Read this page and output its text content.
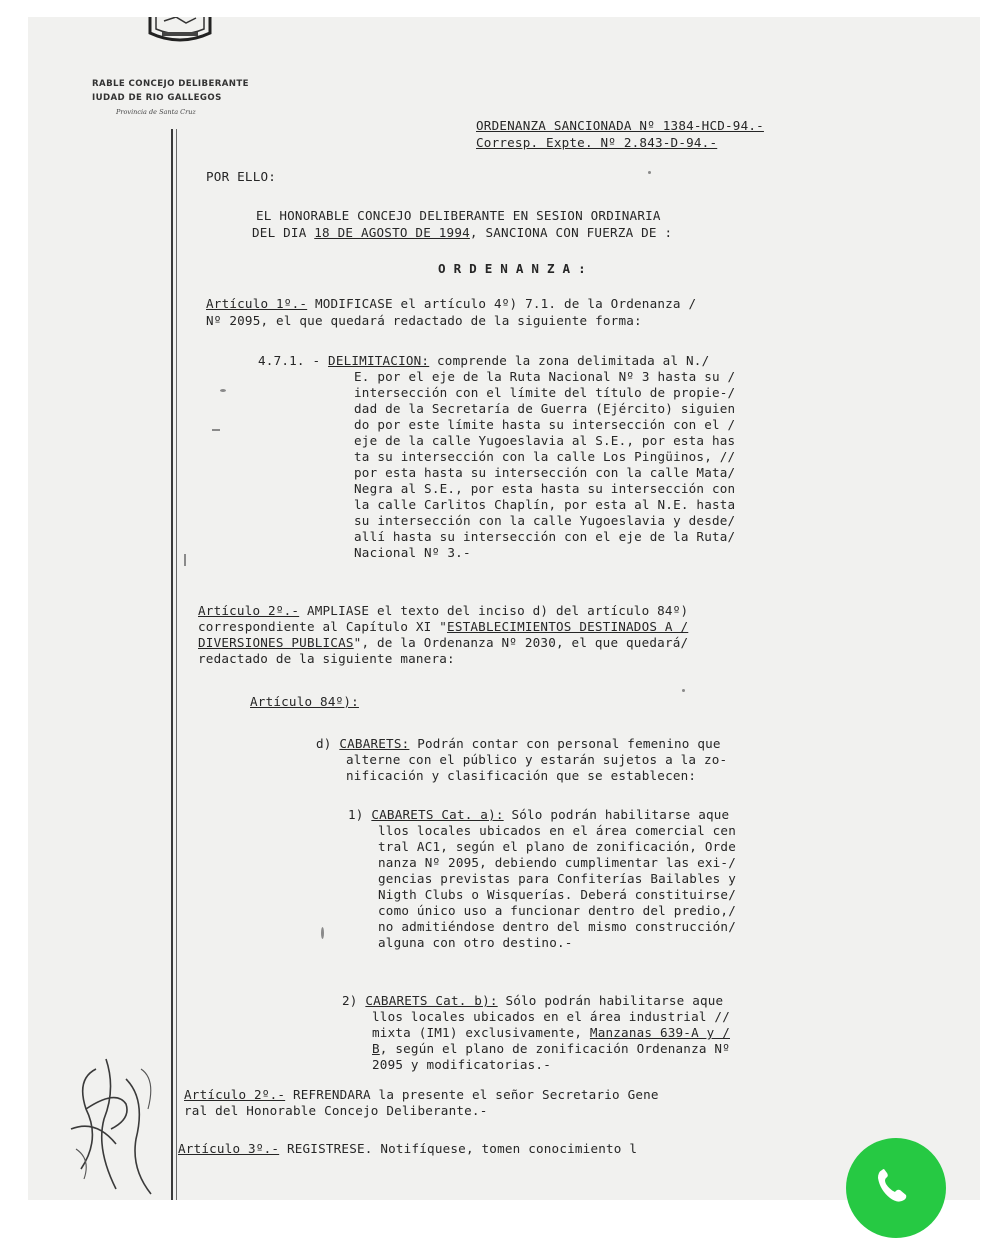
RABLE CONCEJO DELIBERANTE
IUDAD DE RIO GALLEGOS
Provincia de Santa Cruz
ORDENANZA SANCIONADA Nº 1384-HCD-94.-
Corresp. Expte. Nº 2.843-D-94.-
POR ELLO:
EL HONORABLE CONCEJO DELIBERANTE EN SESION ORDINARIA
DEL DIA 18 DE AGOSTO DE 1994, SANCIONA CON FUERZA DE :
O R D E N A N Z A :
Artículo 1º.- MODIFICASE el artículo 4º) 7.1. de la Ordenanza /
Nº 2095, el que quedará redactado de la siguiente forma:
4.7.1. - DELIMITACION: comprende la zona delimitada al N./
E. por el eje de la Ruta Nacional Nº 3 hasta su /
intersección con el límite del título de propie-/
dad de la Secretaría de Guerra (Ejército) siguien
do por este límite hasta su intersección con el /
eje de la calle Yugoeslavia al S.E., por esta has
ta su intersección con la calle Los Pingüinos, //
por esta hasta su intersección con la calle Mata/
Negra al S.E., por esta hasta su intersección con
la calle Carlitos Chaplín, por esta al N.E. hasta
su intersección con la calle Yugoeslavia y desde/
allí hasta su intersección con el eje de la Ruta/
Nacional Nº 3.-
Artículo 2º.- AMPLIASE el texto del inciso d) del artículo 84º)
correspondiente al Capítulo XI "ESTABLECIMIENTOS DESTINADOS A /
DIVERSIONES PUBLICAS", de la Ordenanza Nº 2030, el que quedará/
redactado de la siguiente manera:
Artículo 84º):
d) CABARETS: Podrán contar con personal femenino que
alterne con el público y estarán sujetos a la zo-
nificación y clasificación que se establecen:
1) CABARETS Cat. a): Sólo podrán habilitarse aque
llos locales ubicados en el área comercial cen
tral AC1, según el plano de zonificación, Orde
nanza Nº 2095, debiendo cumplimentar las exi-/
gencias previstas para Confiterías Bailables y
Nigth Clubs o Wisquerías. Deberá constituirse/
como único uso a funcionar dentro del predio,/
no admitiéndose dentro del mismo construcción/
alguna con otro destino.-
2) CABARETS Cat. b): Sólo podrán habilitarse aque
llos locales ubicados en el área industrial //
mixta (IM1) exclusivamente, Manzanas 639-A y /
B, según el plano de zonificación Ordenanza Nº
2095 y modificatorias.-
Artículo 2º.- REFRENDARA la presente el señor Secretario Gene
ral del Honorable Concejo Deliberante.-
Artículo 3º.- REGISTRESE. Notifíquese, tomen conocimiento l
